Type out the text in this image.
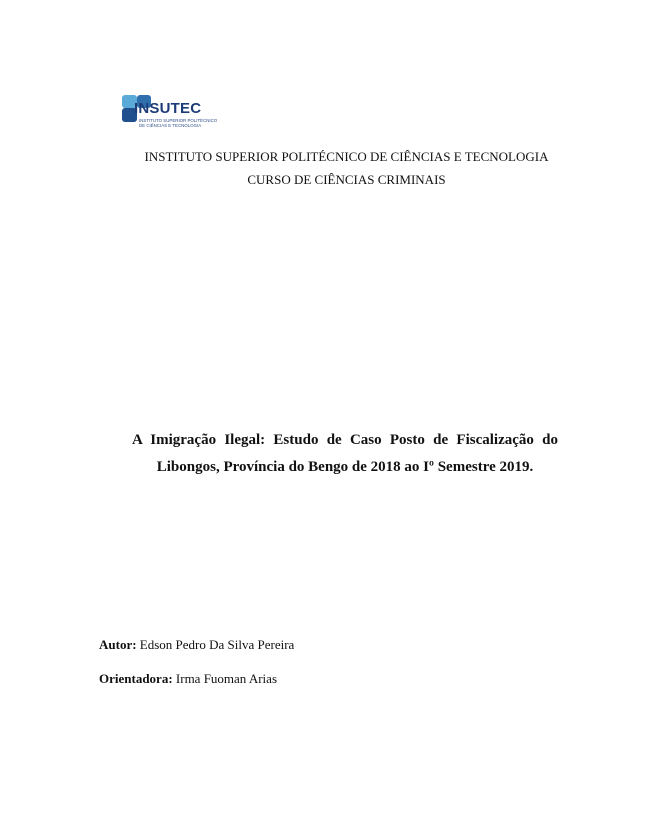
INSUTEC
INSTITUTO SUPERIOR POLITÉCNICO
DE CIÊNCIAS E TECNOLOGIA
INSTITUTO SUPERIOR POLITÉCNICO DE CIÊNCIAS E TECNOLOGIA
CURSO DE CIÊNCIAS CRIMINAIS
A Imigração Ilegal: Estudo de Caso Posto de Fiscalização do
Libongos, Província do Bengo de 2018 ao Iº Semestre 2019.
Autor: Edson Pedro Da Silva Pereira
Orientadora: Irma Fuoman Arias
